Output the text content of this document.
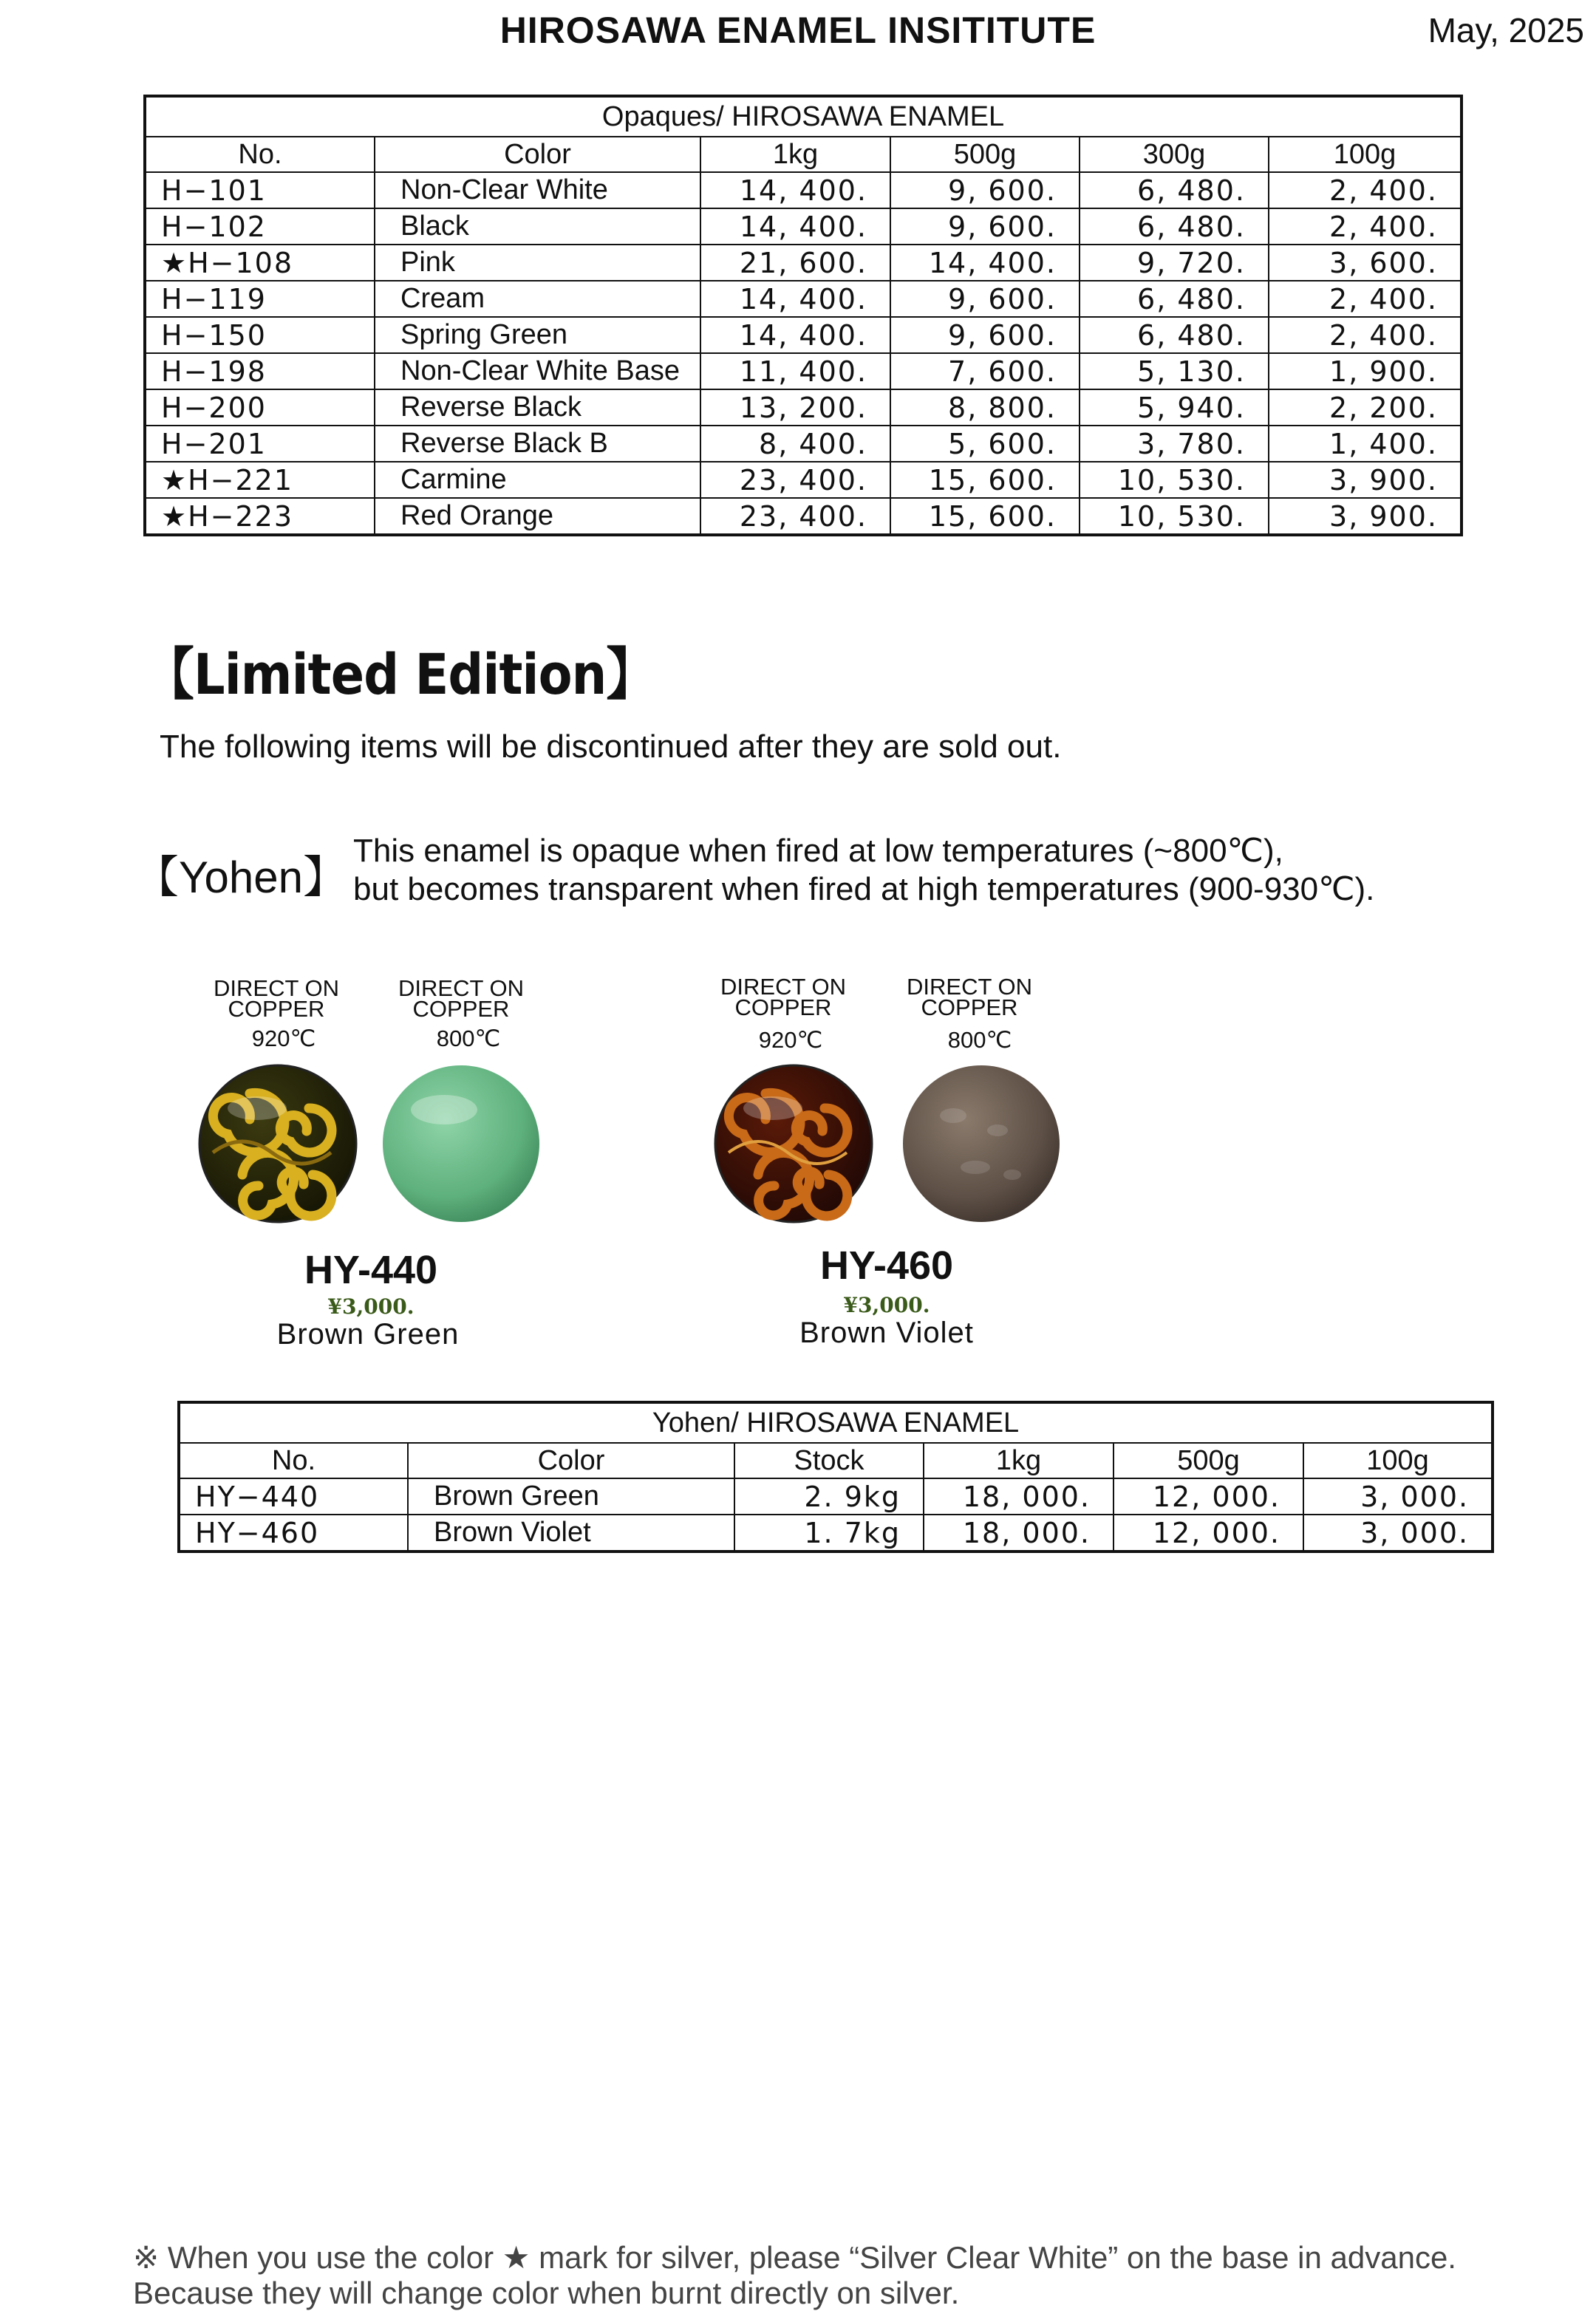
HIROSAWA ENAMEL INSITITUTE	May, 2025
Opaques/ HIROSAWA ENAMEL					
No.	Color	1kg	500g	300g	100g
H−101	Non-Clear White	14, 400.	9, 600.	6, 480.	2, 400.
H−102	Black	14, 400.	9, 600.	6, 480.	2, 400.
★H−108	Pink	21, 600.	14, 400.	9, 720.	3, 600.
H−119	Cream	14, 400.	9, 600.	6, 480.	2, 400.
H−150	Spring Green	14, 400.	9, 600.	6, 480.	2, 400.
H−198	Non-Clear White Base	11, 400.	7, 600.	5, 130.	1, 900.
H−200	Reverse Black	13, 200.	8, 800.	5, 940.	2, 200.
H−201	Reverse Black B	8, 400.	5, 600.	3, 780.	1, 400.
★H−221	Carmine	23, 400.	15, 600.	10, 530.	3, 900.
★H−223	Red Orange	23, 400.	15, 600.	10, 530.	3, 900.
【Limited Edition】
The following items will be discontinued after they are sold out.
【Yohen】
This enamel is opaque when fired at low temperatures (~800℃),
but becomes transparent when fired at high temperatures (900-930℃).
DIRECT ON
COPPER
920℃
DIRECT ON
COPPER
800℃
HY-440
¥3,000.
Brown Green
DIRECT ON
COPPER
920℃
DIRECT ON
COPPER
800℃
HY-460
¥3,000.
Brown Violet
Yohen/ HIROSAWA ENAMEL					
No.	Color	Stock	1kg	500g	100g
HY−440	Brown Green	2. 9kg	18, 000.	12, 000.	3, 000.
HY−460	Brown Violet	1. 7kg	18, 000.	12, 000.	3, 000.
※ When you use the color ★ mark for silver, please “Silver Clear White” on the base in advance.
Because they will change color when burnt directly on silver.
